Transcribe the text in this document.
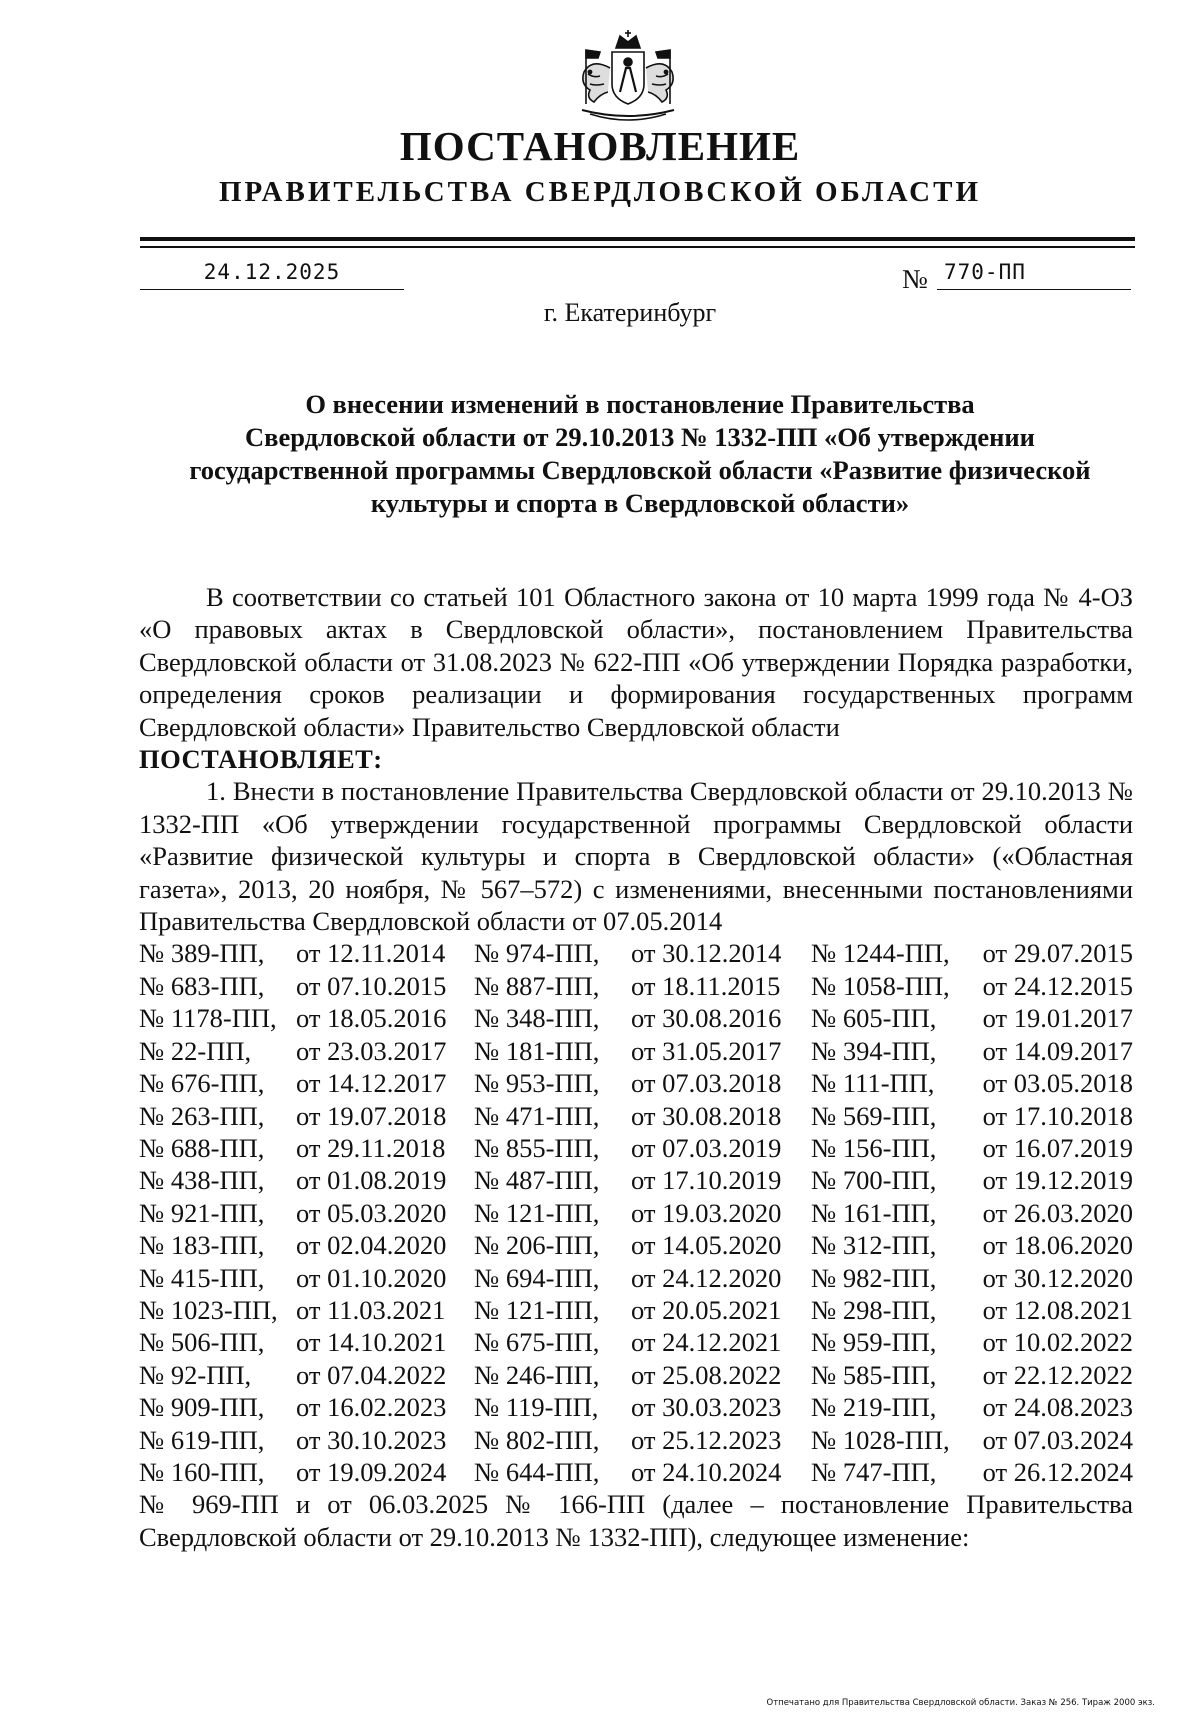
ПОСТАНОВЛЕНИЕ
ПРАВИТЕЛЬСТВА СВЕРДЛОВСКОЙ ОБЛАСТИ
24.12.2025	№ 770-ПП
г. Екатеринбург
О внесении изменений в постановление Правительства
Свердловской области от 29.10.2013 № 1332-ПП «Об утверждении
государственной программы Свердловской области «Развитие физической
культуры и спорта в Свердловской области»

В соответствии со статьей 101 Областного закона от 10 марта 1999 года № 4-ОЗ «О правовых актах в Свердловской области», постановлением Правительства Свердловской области от 31.08.2023 № 622-ПП «Об утверждении Порядка разработки, определения сроков реализации и формирования государственных программ Свердловской области» Правительство Свердловской области

ПОСТАНОВЛЯЕТ:

1. Внести в постановление Правительства Свердловской области от 29.10.2013 № 1332-ПП «Об утверждении государственной программы Свердловской области «Развитие физической культуры и спорта в Свердловской области» («Областная газета», 2013, 20 ноября, № 567–572) с изменениями, внесенными постановлениями Правительства Свердловской области от 07.05.2014

№ 389-ПП,	от 12.11.2014	№ 974-ПП,	от 30.12.2014	№ 1244-ПП,	от 29.07.2015
№ 683-ПП,	от 07.10.2015	№ 887-ПП,	от 18.11.2015	№ 1058-ПП,	от 24.12.2015
№ 1178-ПП, от 18.05.2016	№ 348-ПП,	от 30.08.2016	№ 605-ПП,	от 19.01.2017
№ 22-ПП,	от 23.03.2017	№ 181-ПП,	от 31.05.2017	№ 394-ПП,	от 14.09.2017
№ 676-ПП,	от 14.12.2017	№ 953-ПП,	от 07.03.2018	№ 111-ПП,	от 03.05.2018
№ 263-ПП,	от 19.07.2018	№ 471-ПП,	от 30.08.2018	№ 569-ПП,	от 17.10.2018
№ 688-ПП,	от 29.11.2018	№ 855-ПП,	от 07.03.2019	№ 156-ПП,	от 16.07.2019
№ 438-ПП,	от 01.08.2019	№ 487-ПП,	от 17.10.2019	№ 700-ПП,	от 19.12.2019
№ 921-ПП,	от 05.03.2020	№ 121-ПП,	от 19.03.2020	№ 161-ПП,	от 26.03.2020
№ 183-ПП,	от 02.04.2020	№ 206-ПП,	от 14.05.2020	№ 312-ПП,	от 18.06.2020
№ 415-ПП,	от 01.10.2020	№ 694-ПП,	от 24.12.2020	№ 982-ПП,	от 30.12.2020
№ 1023-ПП, от 11.03.2021	№ 121-ПП,	от 20.05.2021	№ 298-ПП,	от 12.08.2021
№ 506-ПП,	от 14.10.2021	№ 675-ПП,	от 24.12.2021	№ 959-ПП,	от 10.02.2022
№ 92-ПП,	от 07.04.2022	№ 246-ПП,	от 25.08.2022	№ 585-ПП,	от 22.12.2022
№ 909-ПП,	от 16.02.2023	№ 119-ПП,	от 30.03.2023	№ 219-ПП,	от 24.08.2023
№ 619-ПП,	от 30.10.2023	№ 802-ПП,	от 25.12.2023	№ 1028-ПП,	от 07.03.2024
№ 160-ПП,	от 19.09.2024	№ 644-ПП,	от 24.10.2024	№ 747-ПП,	от 26.12.2024

№ 969-ПП и от 06.03.2025 № 166-ПП (далее – постановление Правительства Свердловской области от 29.10.2013 № 1332-ПП), следующее изменение:

Отпечатано для Правительства Свердловской области. Заказ № 256. Тираж 2000 экз.
